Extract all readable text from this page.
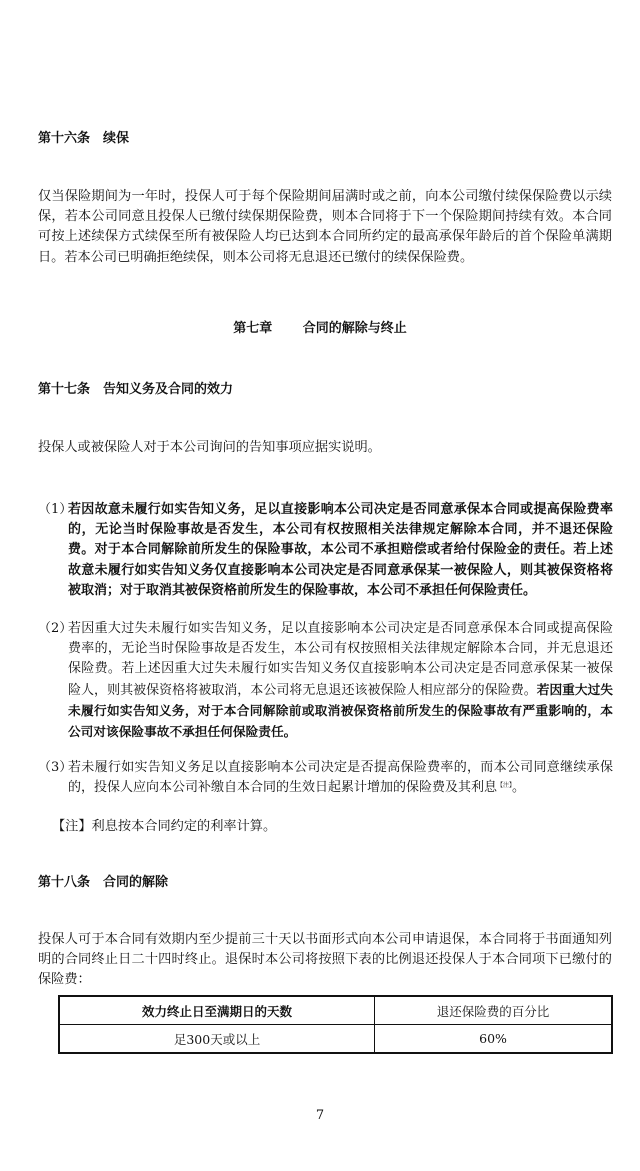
第十六条　续保
仅当保险期间为一年时，投保人可于每个保险期间届满时或之前，向本公司缴付续保保险费以示续保，若本公司同意且投保人已缴付续保期保险费，则本合同将于下一个保险期间持续有效。本合同可按上述续保方式续保至所有被保险人均已达到本合同所约定的最高承保年龄后的首个保险单满期日。若本公司已明确拒绝续保，则本公司将无息退还已缴付的续保保险费。
第七章　　 合同的解除与终止
第十七条　告知义务及合同的效力
投保人或被保险人对于本公司询问的告知事项应据实说明。
（1）
若因故意未履行如实告知义务，足以直接影响本公司决定是否同意承保本合同或提高保险费率的，无论当时保险事故是否发生，本公司有权按照相关法律规定解除本合同，并不退还保险费。对于本合同解除前所发生的保险事故，本公司不承担赔偿或者给付保险金的责任。若上述故意未履行如实告知义务仅直接影响本公司决定是否同意承保某一被保险人，则其被保资格将被取消；对于取消其被保资格前所发生的保险事故，本公司不承担任何保险责任。
（2）
若因重大过失未履行如实告知义务，足以直接影响本公司决定是否同意承保本合同或提高保险费率的，无论当时保险事故是否发生，本公司有权按照相关法律规定解除本合同，并无息退还保险费。若上述因重大过失未履行如实告知义务仅直接影响本公司决定是否同意承保某一被保险人，则其被保资格将被取消，本公司将无息退还该被保险人相应部分的保险费。若因重大过失未履行如实告知义务，对于本合同解除前或取消被保资格前所发生的保险事故有严重影响的，本公司对该保险事故不承担任何保险责任。
（3）
若未履行如实告知义务足以直接影响本公司决定是否提高保险费率的，而本公司同意继续承保的，投保人应向本公司补缴自本合同的生效日起累计增加的保险费及其利息$^{【注】}$。
【注】利息按本合同约定的利率计算。
第十八条　合同的解除
投保人可于本合同有效期内至少提前三十天以书面形式向本公司申请退保，本合同将于书面通知列明的合同终止日二十四时终止。退保时本公司将按照下表的比例退还投保人于本合同项下已缴付的保险费：
效力终止日至满期日的天数	退还保险费的百分比
足300天或以上	60%
7
